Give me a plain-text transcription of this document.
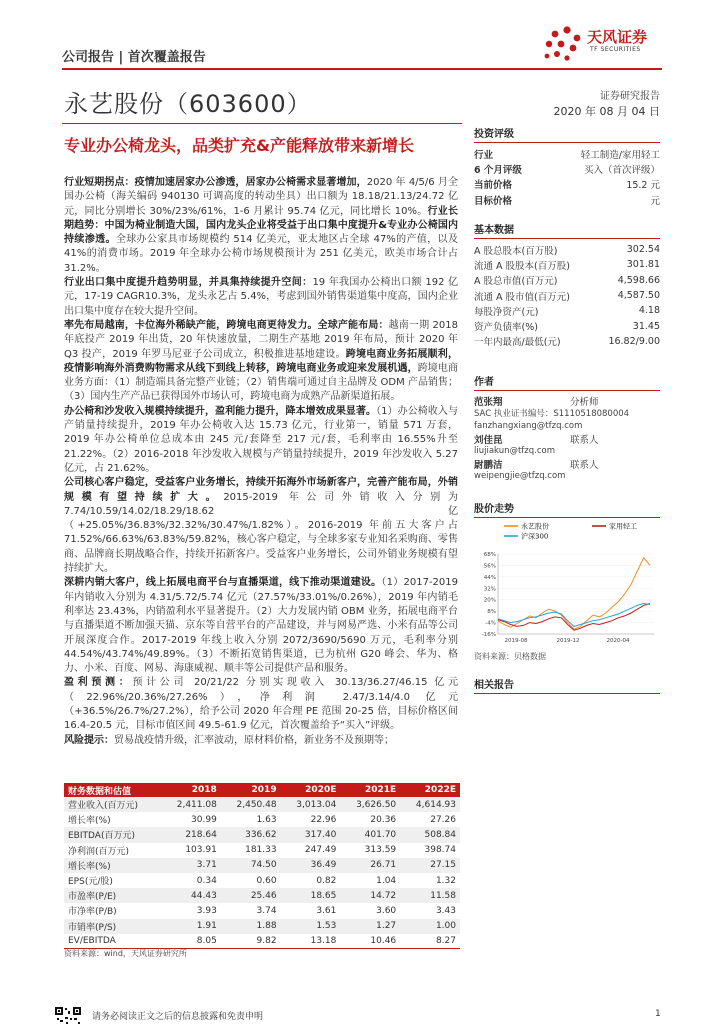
公司报告 | 首次覆盖报告
天风证券
TF SECURITIES
永艺股份（603600）	证券研究报告
2020 年 08 月 04 日
专业办公椅龙头，品类扩充&产能释放带来新增长

行业短期拐点：疫情加速居家办公渗透，居家办公椅需求显著增加，2020 年 4/5/6 月全国办公椅（海关编码 940130 可调高度的转动坐具）出口额为 18.18/21.13/24.72 亿元，同比分别增长 30%/23%/61%，1-6 月累计 95.74 亿元，同比增长 10%。行业长期趋势：中国为椅业制造大国，国内龙头企业将受益于出口集中度提升&专业办公椅国内持续渗透。全球办公家具市场规模约 514 亿美元，亚太地区占全球 47%的产值，以及 41%的消费市场。2019 年全球办公椅市场规模预计为 251 亿美元，欧美市场合计占 31.2%。

行业出口集中度提升趋势明显，并具集持续提升空间：19 年我国办公椅出口额 192 亿元，17-19 CAGR10.3%，龙头永艺占 5.4%，考虑到国外销售渠道集中度高，国内企业出口集中度存在较大提升空间。

率先布局越南，卡位海外稀缺产能，跨境电商更待发力。全球产能布局：越南一期 2018 年底投产 2019 年出货，20 年快速放量，二期生产基地 2019 年布局，预计 2020 年 Q3 投产，2019 年罗马尼亚子公司成立，积极推进基地建设。跨境电商业务拓展顺利，疫情影响海外消费购物需求从线下到线上转移，跨境电商业务或迎来发展机遇，跨境电商业务方面：（1）制造端具备完整产业链；（2）销售端可通过自主品牌及 ODM 产品销售；（3）国内生产产品已获得国外市场认可，跨境电商为成熟产品新渠道拓展。

办公椅和沙发收入规模持续提升，盈利能力提升，降本增效成果显著。（1）办公椅收入与产销量持续提升，2019 年办公椅收入达 15.73 亿元，行业第一，销量 571 万套，2019 年办公椅单位总成本由 245 元/套降至 217 元/套，毛利率由 16.55%升至 21.22%。（2）2016-2018 年沙发收入规模与产销量持续提升，2019 年沙发收入 5.27 亿元，占 21.62%。

公司核心客户稳定，受益客户业务增长，持续开拓海外市场新客户，完善产能布局，外销规模有望持续扩大。2015-2019 年公司外销收入分别为 7.74/10.59/14.02/18.29/18.62 亿（+25.05%/36.83%/32.32%/30.47%/1.82%）。2016-2019 年前五大客户占 71.52%/66.63%/63.83%/59.82%，核心客户稳定，与全球多家专业知名采购商、零售商、品牌商长期战略合作，持续开拓新客户。受益客户业务增长，公司外销业务规模有望持续扩大。

深耕内销大客户，线上拓展电商平台与直播渠道，线下推动渠道建设。（1）2017-2019 年内销收入分别为 4.31/5.72/5.74 亿元（27.57%/33.01%/0.26%），2019 年内销毛利率达 23.43%，内销盈利水平显著提升。（2）大力发展内销 OBM 业务，拓展电商平台与直播渠道不断加强天猫、京东等自营平台的产品建设，并与网易严选、小米有品等公司开展深度合作。2017-2019 年线上收入分别 2072/3690/5690 万元，毛利率分别 44.54%/43.74%/49.89%。（3）不断拓宽销售渠道，已为杭州 G20 峰会、华为、格力、小米、百度、网易、海康威视、顺丰等公司提供产品和服务。

盈利预测：预计公司 20/21/22 分别实现收入 30.13/36.27/46.15 亿元（22.96%/20.36%/27.26%），净利润 2.47/3.14/4.0 亿元（+36.5%/26.7%/27.2%），给予公司 2020 年合理 PE 范围 20-25 倍，目标价格区间 16.4-20.5 元，目标市值区间 49.5-61.9 亿元，首次覆盖给予“买入”评级。

风险提示：贸易战疫情升级，汇率波动，原材料价格，新业务不及预期等；

财务数据和估值	2018	2019	2020E	2021E	2022E
营业收入(百万元)	2,411.08	2,450.48	3,013.04	3,626.50	4,614.93
增长率(%)	30.99	1.63	22.96	20.36	27.26
EBITDA(百万元)	218.64	336.62	317.40	401.70	508.84
净利润(百万元)	103.91	181.33	247.49	313.59	398.74
增长率(%)	3.71	74.50	36.49	26.71	27.15
EPS(元/股)	0.34	0.60	0.82	1.04	1.32
市盈率(P/E)	44.43	25.46	18.65	14.72	11.58
市净率(P/B)	3.93	3.74	3.61	3.60	3.43
市销率(P/S)	1.91	1.88	1.53	1.27	1.00
EV/EBITDA	8.05	9.82	13.18	10.46	8.27
资料来源：wind，天风证券研究所
投资评级
行业	轻工制造/家用轻工
6 个月评级	买入（首次评级）
当前价格	15.2 元
目标价格	元
基本数据
A 股总股本(百万股)	302.54
流通 A 股股本(百万股)	301.81
A 股总市值(百万元)	4,598.66
流通 A 股市值(百万元)	4,587.50
每股净资产(元)	4.18
资产负债率(%)	31.45
一年内最高/最低(元)	16.82/9.00
作者
范张翔	分析师
SAC 执业证书编号：S1110518080004
fanzhangxiang@tfzq.com
刘佳昆	联系人
liujiakun@tfzq.com
尉鹏洁	联系人
weipengjie@tfzq.com
股价走势
68%
56%
44%
32%
20%
8%
-4%
-16%
2019-08	2019-12	2020-04
永艺股份	家用轻工
沪深300
资料来源：贝格数据
相关报告
请务必阅读正文之后的信息披露和免责申明	1
